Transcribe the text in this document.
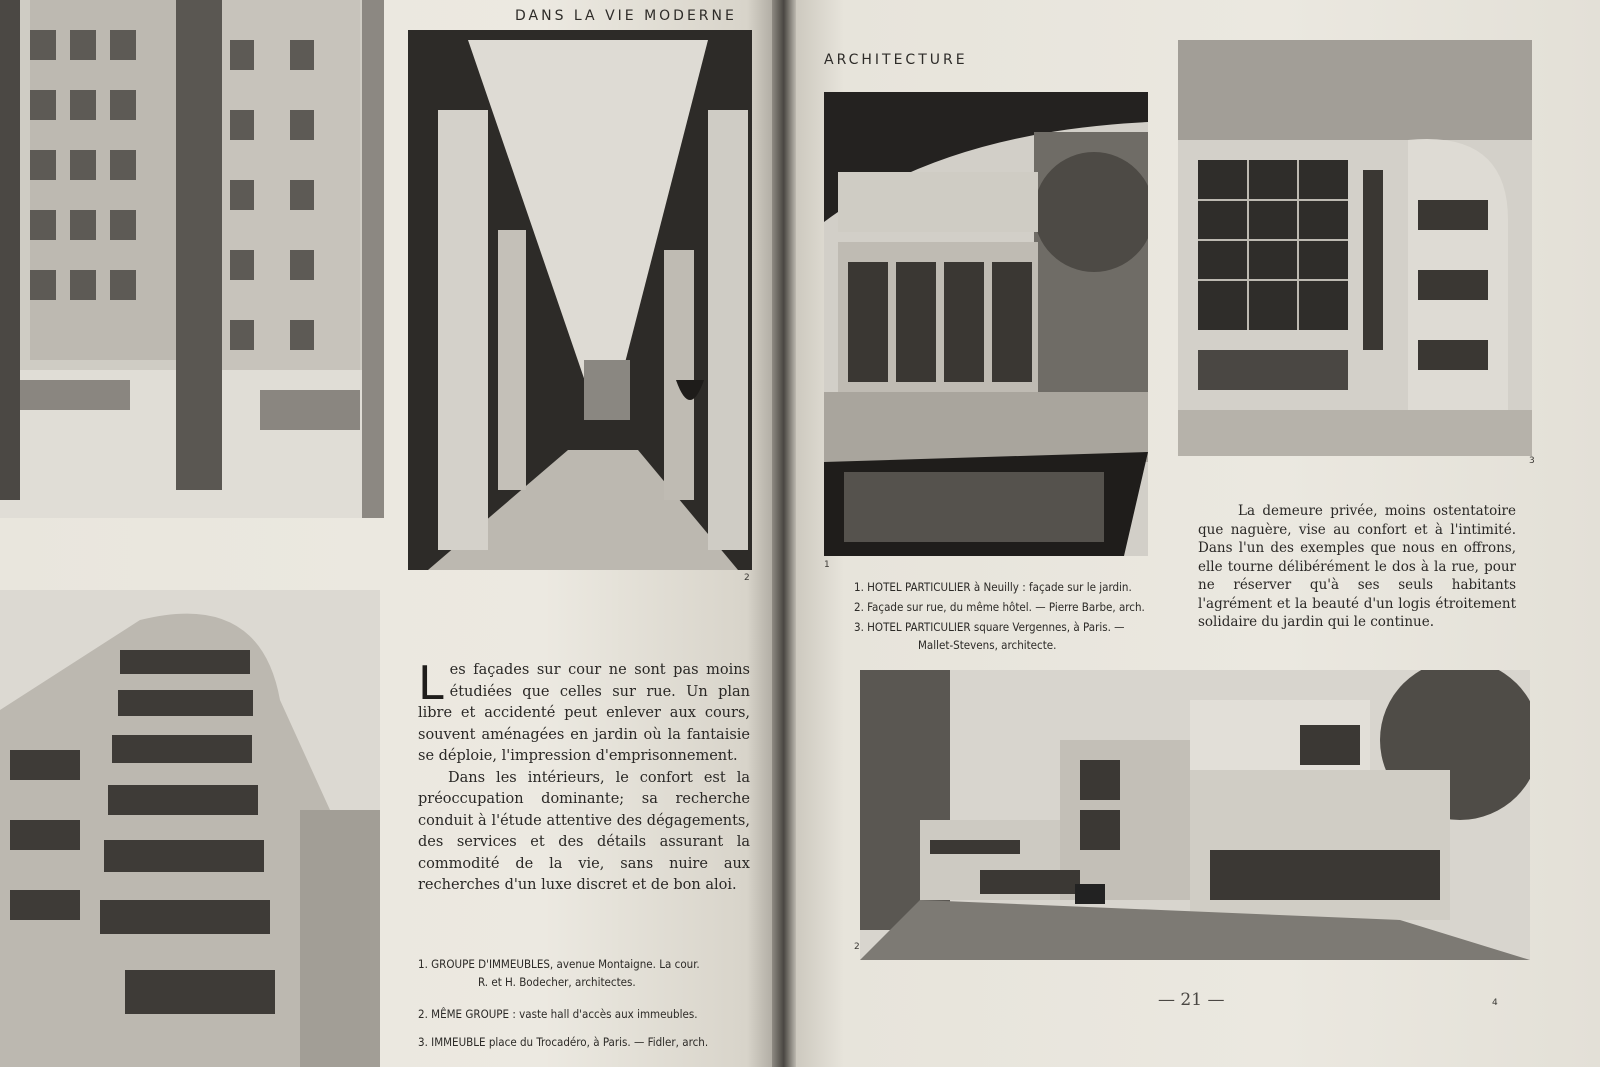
2
DANS LA VIE MODERNE

Les façades sur cour ne sont pas moins étudiées que celles sur rue. Un plan libre et accidenté peut enlever aux cours, souvent aménagées en jardin où la fantaisie se déploie, l'impression d'emprisonnement.

Dans les intérieurs, le confort est la préoccupation dominante; sa recherche conduit à l'étude attentive des dégagements, des services et des détails assurant la commodité de la vie, sans nuire aux recherches d'un luxe discret et de bon aloi.

1. GROUPE D'IMMEUBLES, avenue Montaigne. La cour.
R. et H. Bodecher, architectes.
2. MÊME GROUPE : vaste hall d'accès aux immeubles.
3. IMMEUBLE place du Trocadéro, à Paris. — Fidler, arch.
ARCHITECTURE
1
3
La demeure privée, moins ostentatoire que naguère, vise au confort et à l'intimité. Dans l'un des exemples que nous en offrons, elle tourne délibérément le dos à la rue, pour ne réserver qu'à ses seuls habitants l'agrément et la beauté d'un logis étroitement solidaire du jardin qui le continue.
1. HOTEL PARTICULIER à Neuilly : façade sur le jardin.
2. Façade sur rue, du même hôtel. — Pierre Barbe, arch.
3. HOTEL PARTICULIER square Vergennes, à Paris. —
Mallet-Stevens, architecte.
2
— 21 —	4
